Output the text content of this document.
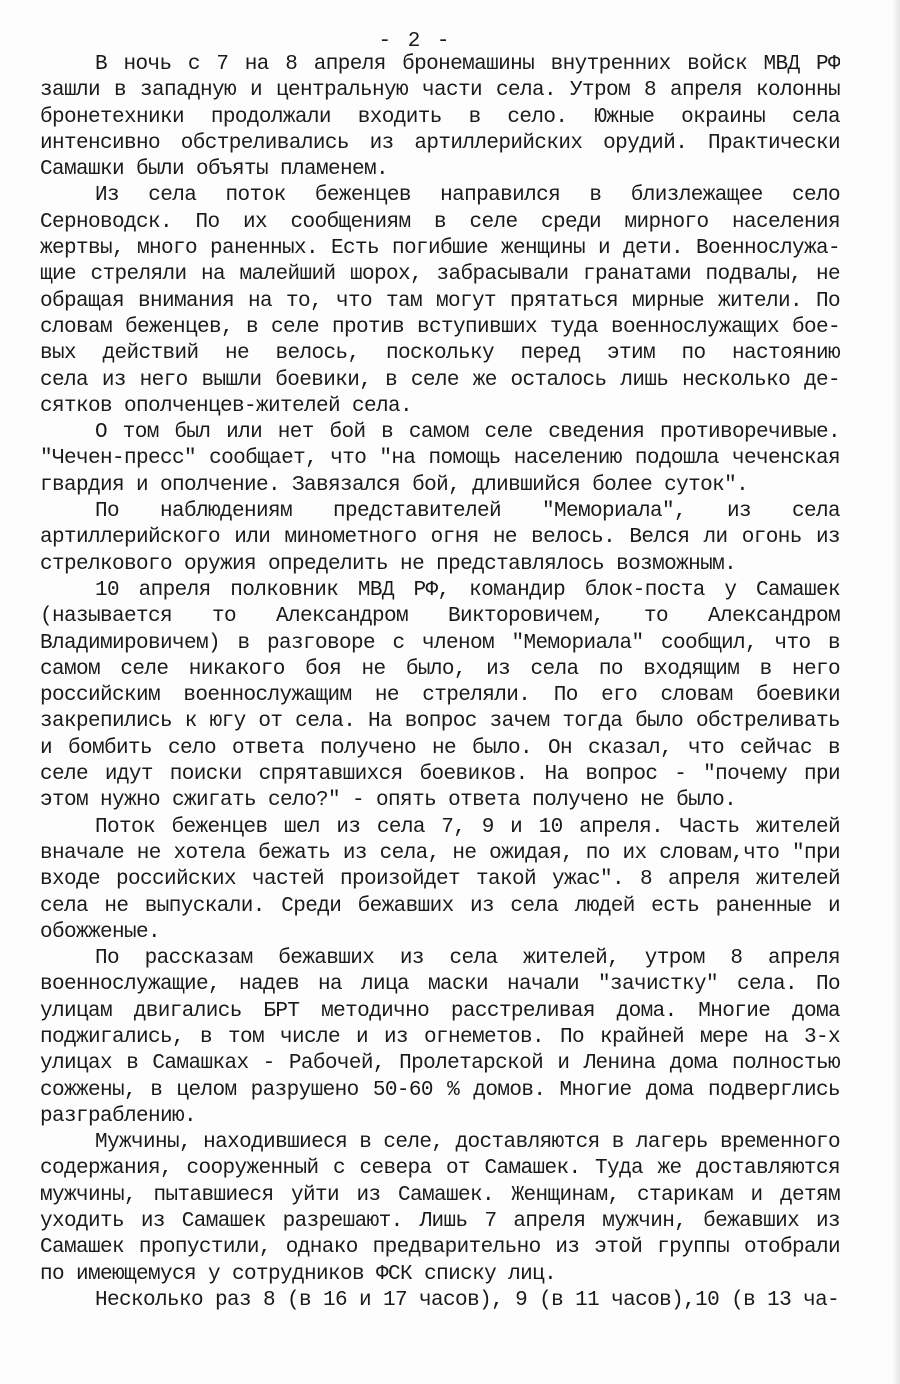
- 2 -
В ночь с 7 на 8 апреля бронемашины внутренних войск МВД РФ
зашли в западную и центральную части села. Утром 8 апреля колонны
бронетехники продолжали входить в село. Южные окраины села
интенсивно обстреливались из артиллерийских орудий. Практически
Самашки были объяты пламенем.
Из села поток беженцев направился в близлежащее село
Серноводск. По их сообщениям в селе среди мирного населения
жертвы, много раненных. Есть погибшие женщины и дети. Военнослужа-
щие стреляли на малейший шорох, забрасывали гранатами подвалы, не
обращая внимания на то, что там могут прятаться мирные жители. По
словам беженцев, в селе против вступивших туда военнослужащих бое-
вых действий не велось, поскольку перед этим по настоянию
села из него вышли боевики, в селе же осталось лишь несколько де-
сятков ополченцев-жителей села.
О том был или нет бой в самом селе сведения противоречивые.
"Чечен-пресс" сообщает, что "на помощь населению подошла чеченская
гвардия и ополчение. Завязался бой, длившийся более суток".
По наблюдениям представителей "Мемориала", из села
артиллерийского или минометного огня не велось. Велся ли огонь из
стрелкового оружия определить не представлялось возможным.
10 апреля полковник МВД РФ, командир блок-поста у Самашек
(называется то Александром Викторовичем, то Александром
Владимировичем) в разговоре с членом "Мемориала" сообщил, что в
самом селе никакого боя не было, из села по входящим в него
российским военнослужащим не стреляли. По его словам боевики
закрепились к югу от села. На вопрос зачем тогда было обстреливать
и бомбить село ответа получено не было. Он сказал, что сейчас в
селе идут поиски спрятавшихся боевиков. На вопрос - "почему при
этом нужно сжигать село?" - опять ответа получено не было.
Поток беженцев шел из села 7, 9 и 10 апреля. Часть жителей
вначале не хотела бежать из села, не ожидая, по их словам,что "при
входе российских частей произойдет такой ужас". 8 апреля жителей
села не выпускали. Среди бежавших из села людей есть раненные и
обожженые.
По рассказам бежавших из села жителей, утром 8 апреля
военнослужащие, надев на лица маски начали "зачистку" села. По
улицам двигались БРТ методично расстреливая дома. Многие дома
поджигались, в том числе и из огнеметов. По крайней мере на 3-х
улицах в Самашках - Рабочей, Пролетарской и Ленина дома полностью
сожжены, в целом разрушено 50-60 % домов. Многие дома подверглись
разграблению.
Мужчины, находившиеся в селе, доставляются в лагерь временного
содержания, сооруженный с севера от Самашек. Туда же доставляются
мужчины, пытавшиеся уйти из Самашек. Женщинам, старикам и детям
уходить из Самашек разрешают. Лишь 7 апреля мужчин, бежавших из
Самашек пропустили, однако предварительно из этой группы отобрали
по имеющемуся у сотрудников ФСК списку лиц.
Несколько раз 8 (в 16 и 17 часов), 9 (в 11 часов),10 (в 13 ча-
